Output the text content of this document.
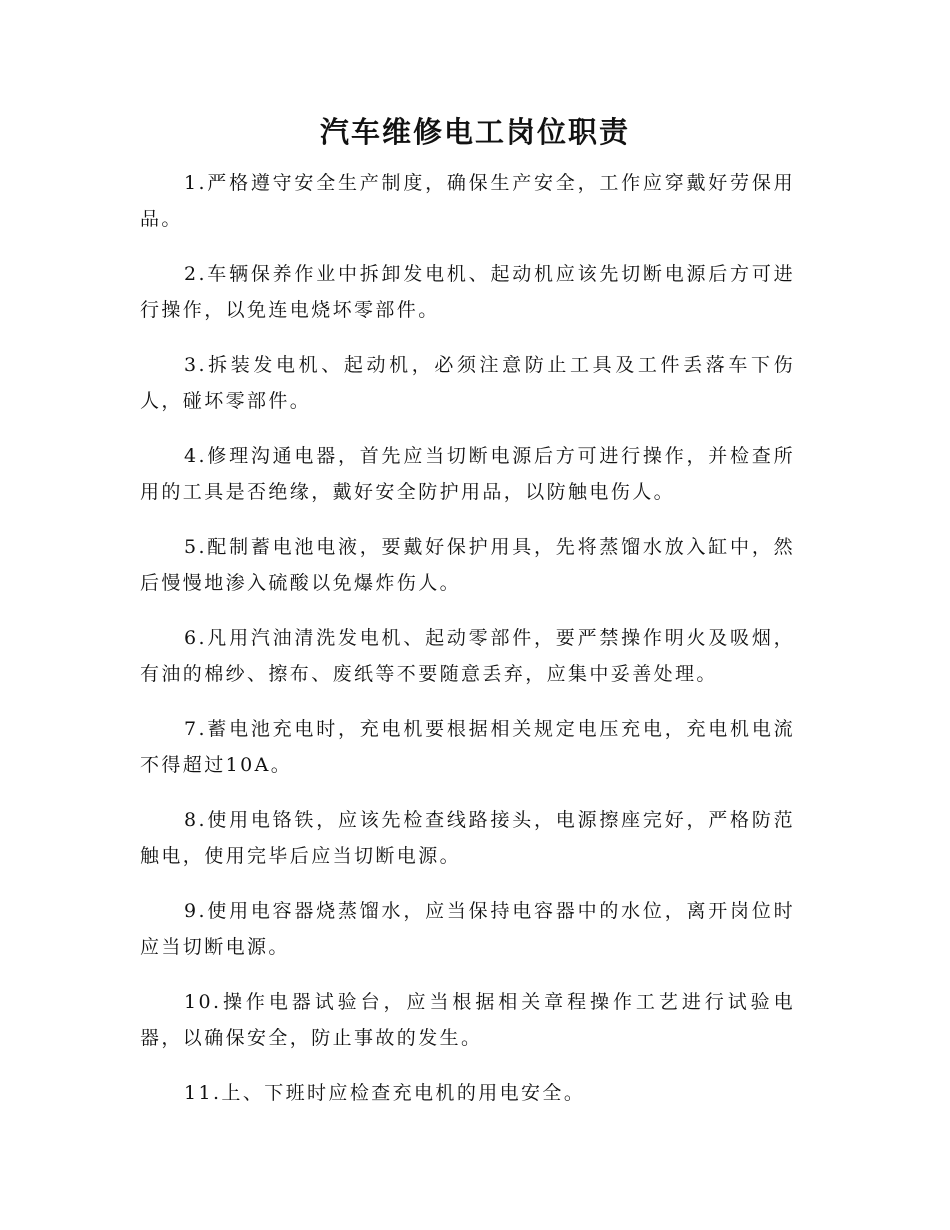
汽车维修电工岗位职责

1.严格遵守安全生产制度，确保生产安全，工作应穿戴好劳保用品。

2.车辆保养作业中拆卸发电机、起动机应该先切断电源后方可进行操作，以免连电烧坏零部件。

3.拆装发电机、起动机，必须注意防止工具及工件丢落车下伤人，碰坏零部件。

4.修理沟通电器，首先应当切断电源后方可进行操作，并检查所用的工具是否绝缘，戴好安全防护用品，以防触电伤人。

5.配制蓄电池电液，要戴好保护用具，先将蒸馏水放入缸中，然后慢慢地渗入硫酸以免爆炸伤人。

6.凡用汽油清洗发电机、起动零部件，要严禁操作明火及吸烟，有油的棉纱、擦布、废纸等不要随意丢弃，应集中妥善处理。

7.蓄电池充电时，充电机要根据相关规定电压充电，充电机电流不得超过10A。

8.使用电铬铁，应该先检查线路接头，电源擦座完好，严格防范触电，使用完毕后应当切断电源。

9.使用电容器烧蒸馏水，应当保持电容器中的水位，离开岗位时应当切断电源。

10.操作电器试验台，应当根据相关章程操作工艺进行试验电器，以确保安全，防止事故的发生。

11.上、下班时应检查充电机的用电安全。
